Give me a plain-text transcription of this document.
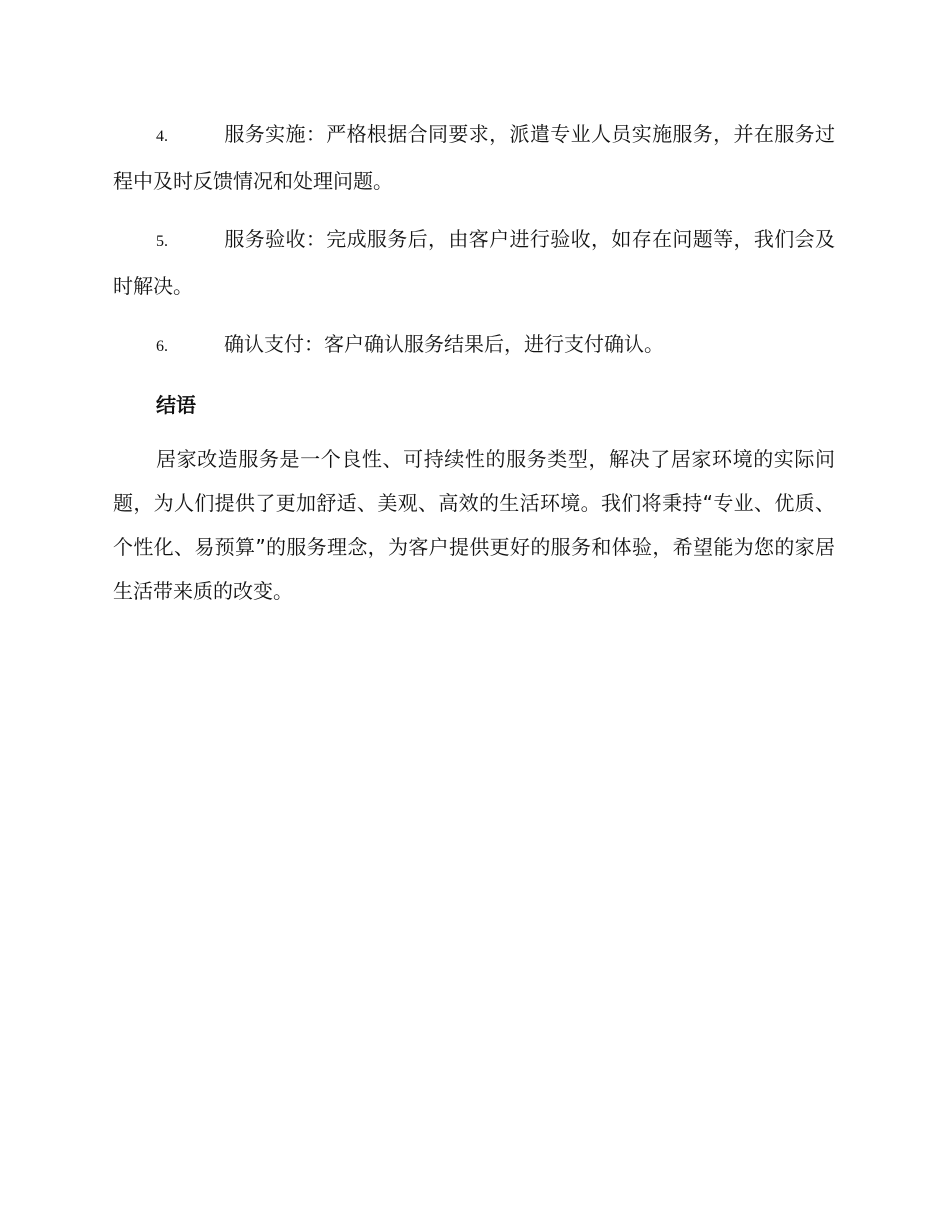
4.	服务实施：严格根据合同要求，派遣专业人员实施服务，并在服务过程中及时反馈情况和处理问题。

5.	服务验收：完成服务后，由客户进行验收，如存在问题等，我们会及时解决。

6.	确认支付：客户确认服务结果后，进行支付确认。

结语

居家改造服务是一个良性、可持续性的服务类型，解决了居家环境的实际问题，为人们提供了更加舒适、美观、高效的生活环境。我们将秉持“专业、优质、个性化、易预算”的服务理念，为客户提供更好的服务和体验，希望能为您的家居生活带来质的改变。
